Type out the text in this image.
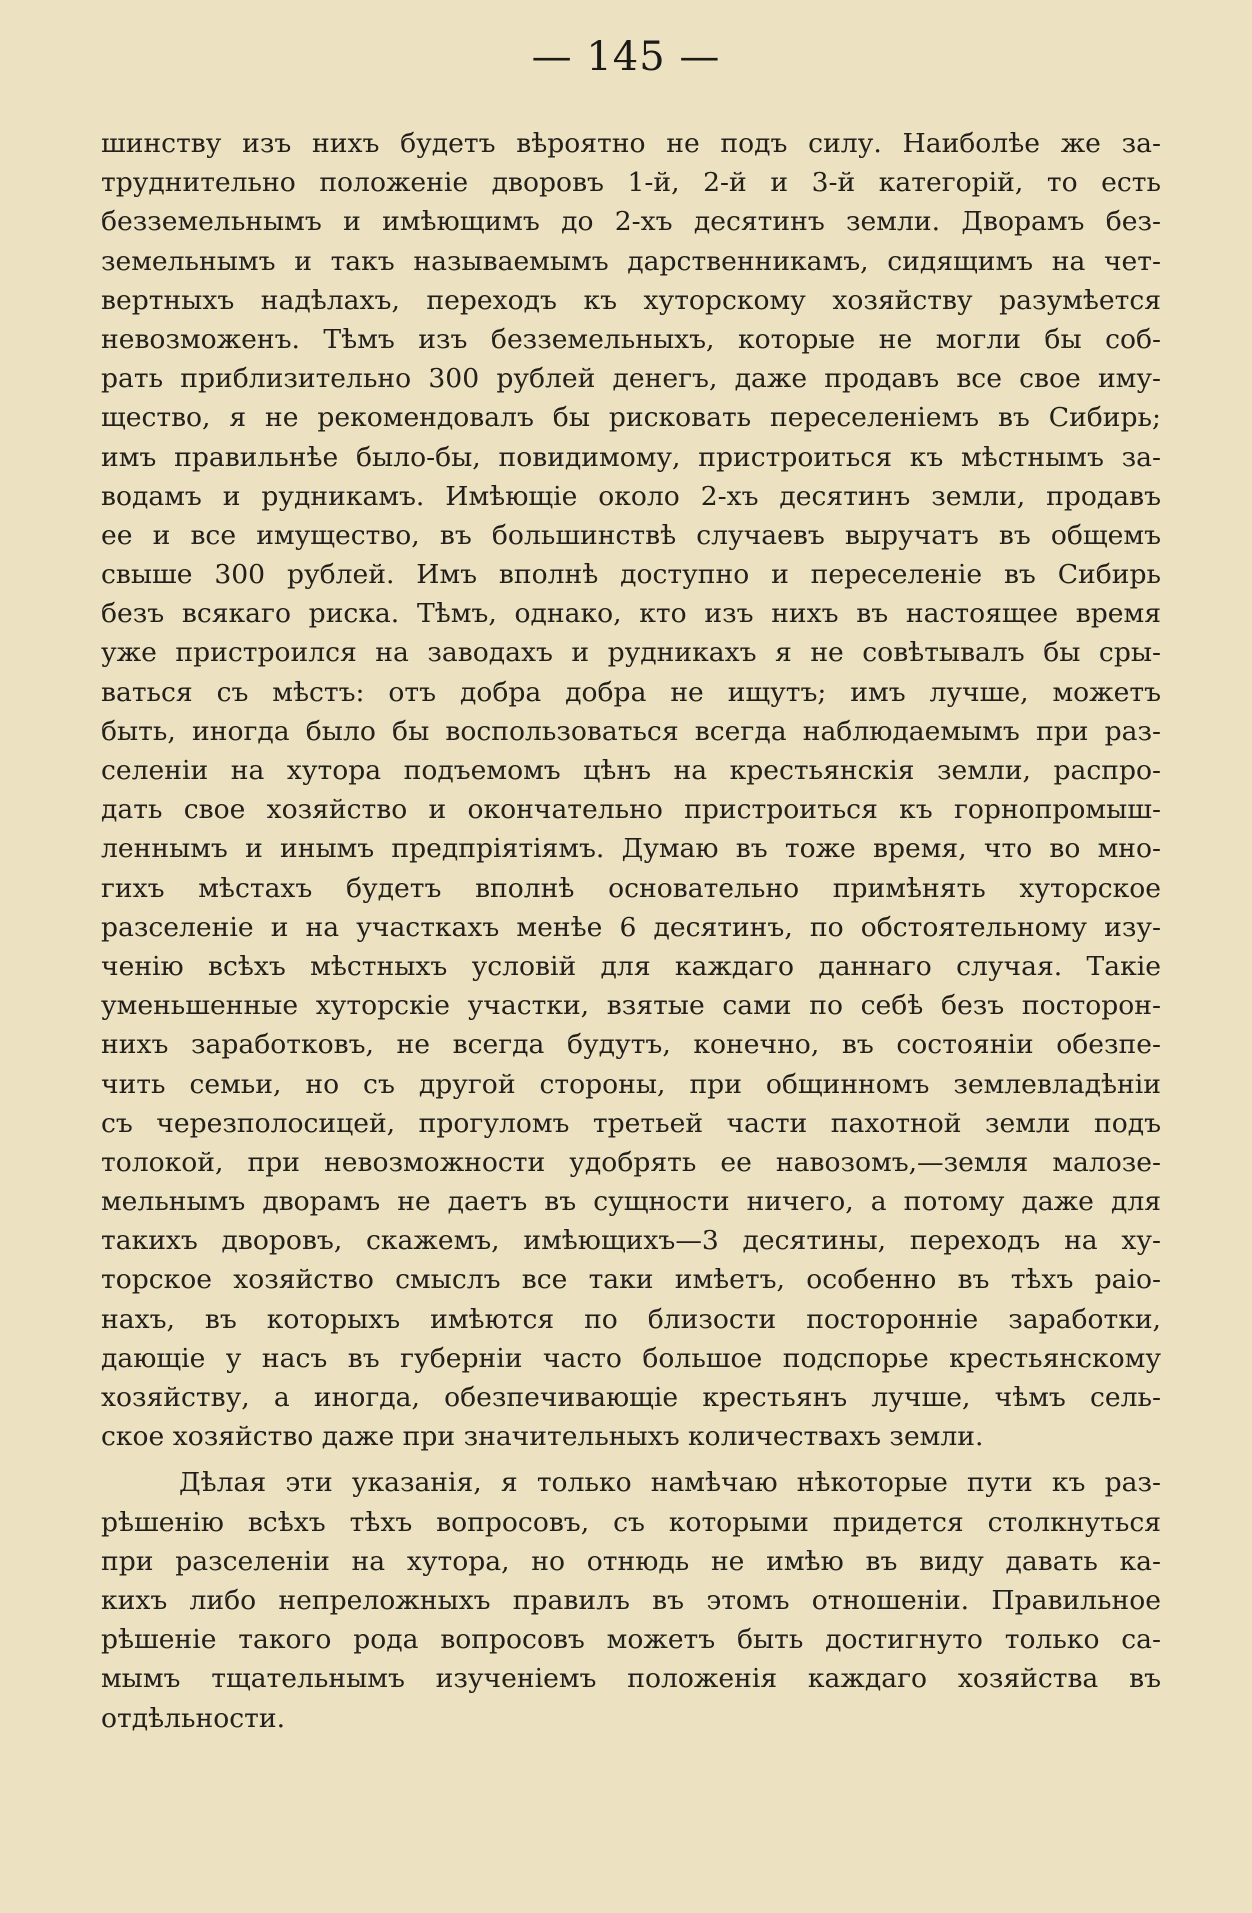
— 145 —
шинству изъ нихъ будетъ вѣроятно не подъ силу. Наиболѣе же за-
труднительно положеніе дворовъ 1-й, 2-й и 3-й категорій, то есть
безземельнымъ и имѣющимъ до 2-хъ десятинъ земли. Дворамъ без-
земельнымъ и такъ называемымъ дарственникамъ, сидящимъ на чет-
вертныхъ надѣлахъ, переходъ къ хуторскому хозяйству разумѣется
невозможенъ. Тѣмъ изъ безземельныхъ, которые не могли бы соб-
рать приблизительно 300 рублей денегъ, даже продавъ все свое иму-
щество, я не рекомендовалъ бы рисковать переселеніемъ въ Сибирь;
имъ правильнѣе было-бы, повидимому, пристроиться къ мѣстнымъ за-
водамъ и рудникамъ. Имѣющіе около 2-хъ десятинъ земли, продавъ
ее и все имущество, въ большинствѣ случаевъ выручатъ въ общемъ
свыше 300 рублей. Имъ вполнѣ доступно и переселеніе въ Сибирь
безъ всякаго риска. Тѣмъ, однако, кто изъ нихъ въ настоящее время
уже пристроился на заводахъ и рудникахъ я не совѣтывалъ бы сры-
ваться съ мѣстъ: отъ добра добра не ищутъ; имъ лучше, можетъ
быть, иногда было бы воспользоваться всегда наблюдаемымъ при раз-
селеніи на хутора подъемомъ цѣнъ на крестьянскія земли, распро-
дать свое хозяйство и окончательно пристроиться къ горнопромыш-
леннымъ и инымъ предпріятіямъ. Думаю въ тоже время, что во мно-
гихъ мѣстахъ будетъ вполнѣ основательно примѣнять хуторское
разселеніе и на участкахъ менѣе 6 десятинъ, по обстоятельному изу-
ченію всѣхъ мѣстныхъ условій для каждаго даннаго случая. Такіе
уменьшенные хуторскіе участки, взятые сами по себѣ безъ посторон-
нихъ заработковъ, не всегда будутъ, конечно, въ состояніи обезпе-
чить семьи, но съ другой стороны, при общинномъ землевладѣніи
съ черезполосицей, прогуломъ третьей части пахотной земли подъ
толокой, при невозможности удобрять ее навозомъ,—земля малозе-
мельнымъ дворамъ не даетъ въ сущности ничего, а потому даже для
такихъ дворовъ, скажемъ, имѣющихъ—3 десятины, переходъ на ху-
торское хозяйство смыслъ все таки имѣетъ, особенно въ тѣхъ раіо-
нахъ, въ которыхъ имѣются по близости посторонніе заработки,
дающіе у насъ въ губерніи часто большое подспорье крестьянскому
хозяйству, а иногда, обезпечивающіе крестьянъ лучше, чѣмъ сель-
ское хозяйство даже при значительныхъ количествахъ земли.
Дѣлая эти указанія, я только намѣчаю нѣкоторые пути къ раз-
рѣшенію всѣхъ тѣхъ вопросовъ, съ которыми придется столкнуться
при разселеніи на хутора, но отнюдь не имѣю въ виду давать ка-
кихъ либо непреложныхъ правилъ въ этомъ отношеніи. Правильное
рѣшеніе такого рода вопросовъ можетъ быть достигнуто только са-
мымъ тщательнымъ изученіемъ положенія каждаго хозяйства въ
отдѣльности.
